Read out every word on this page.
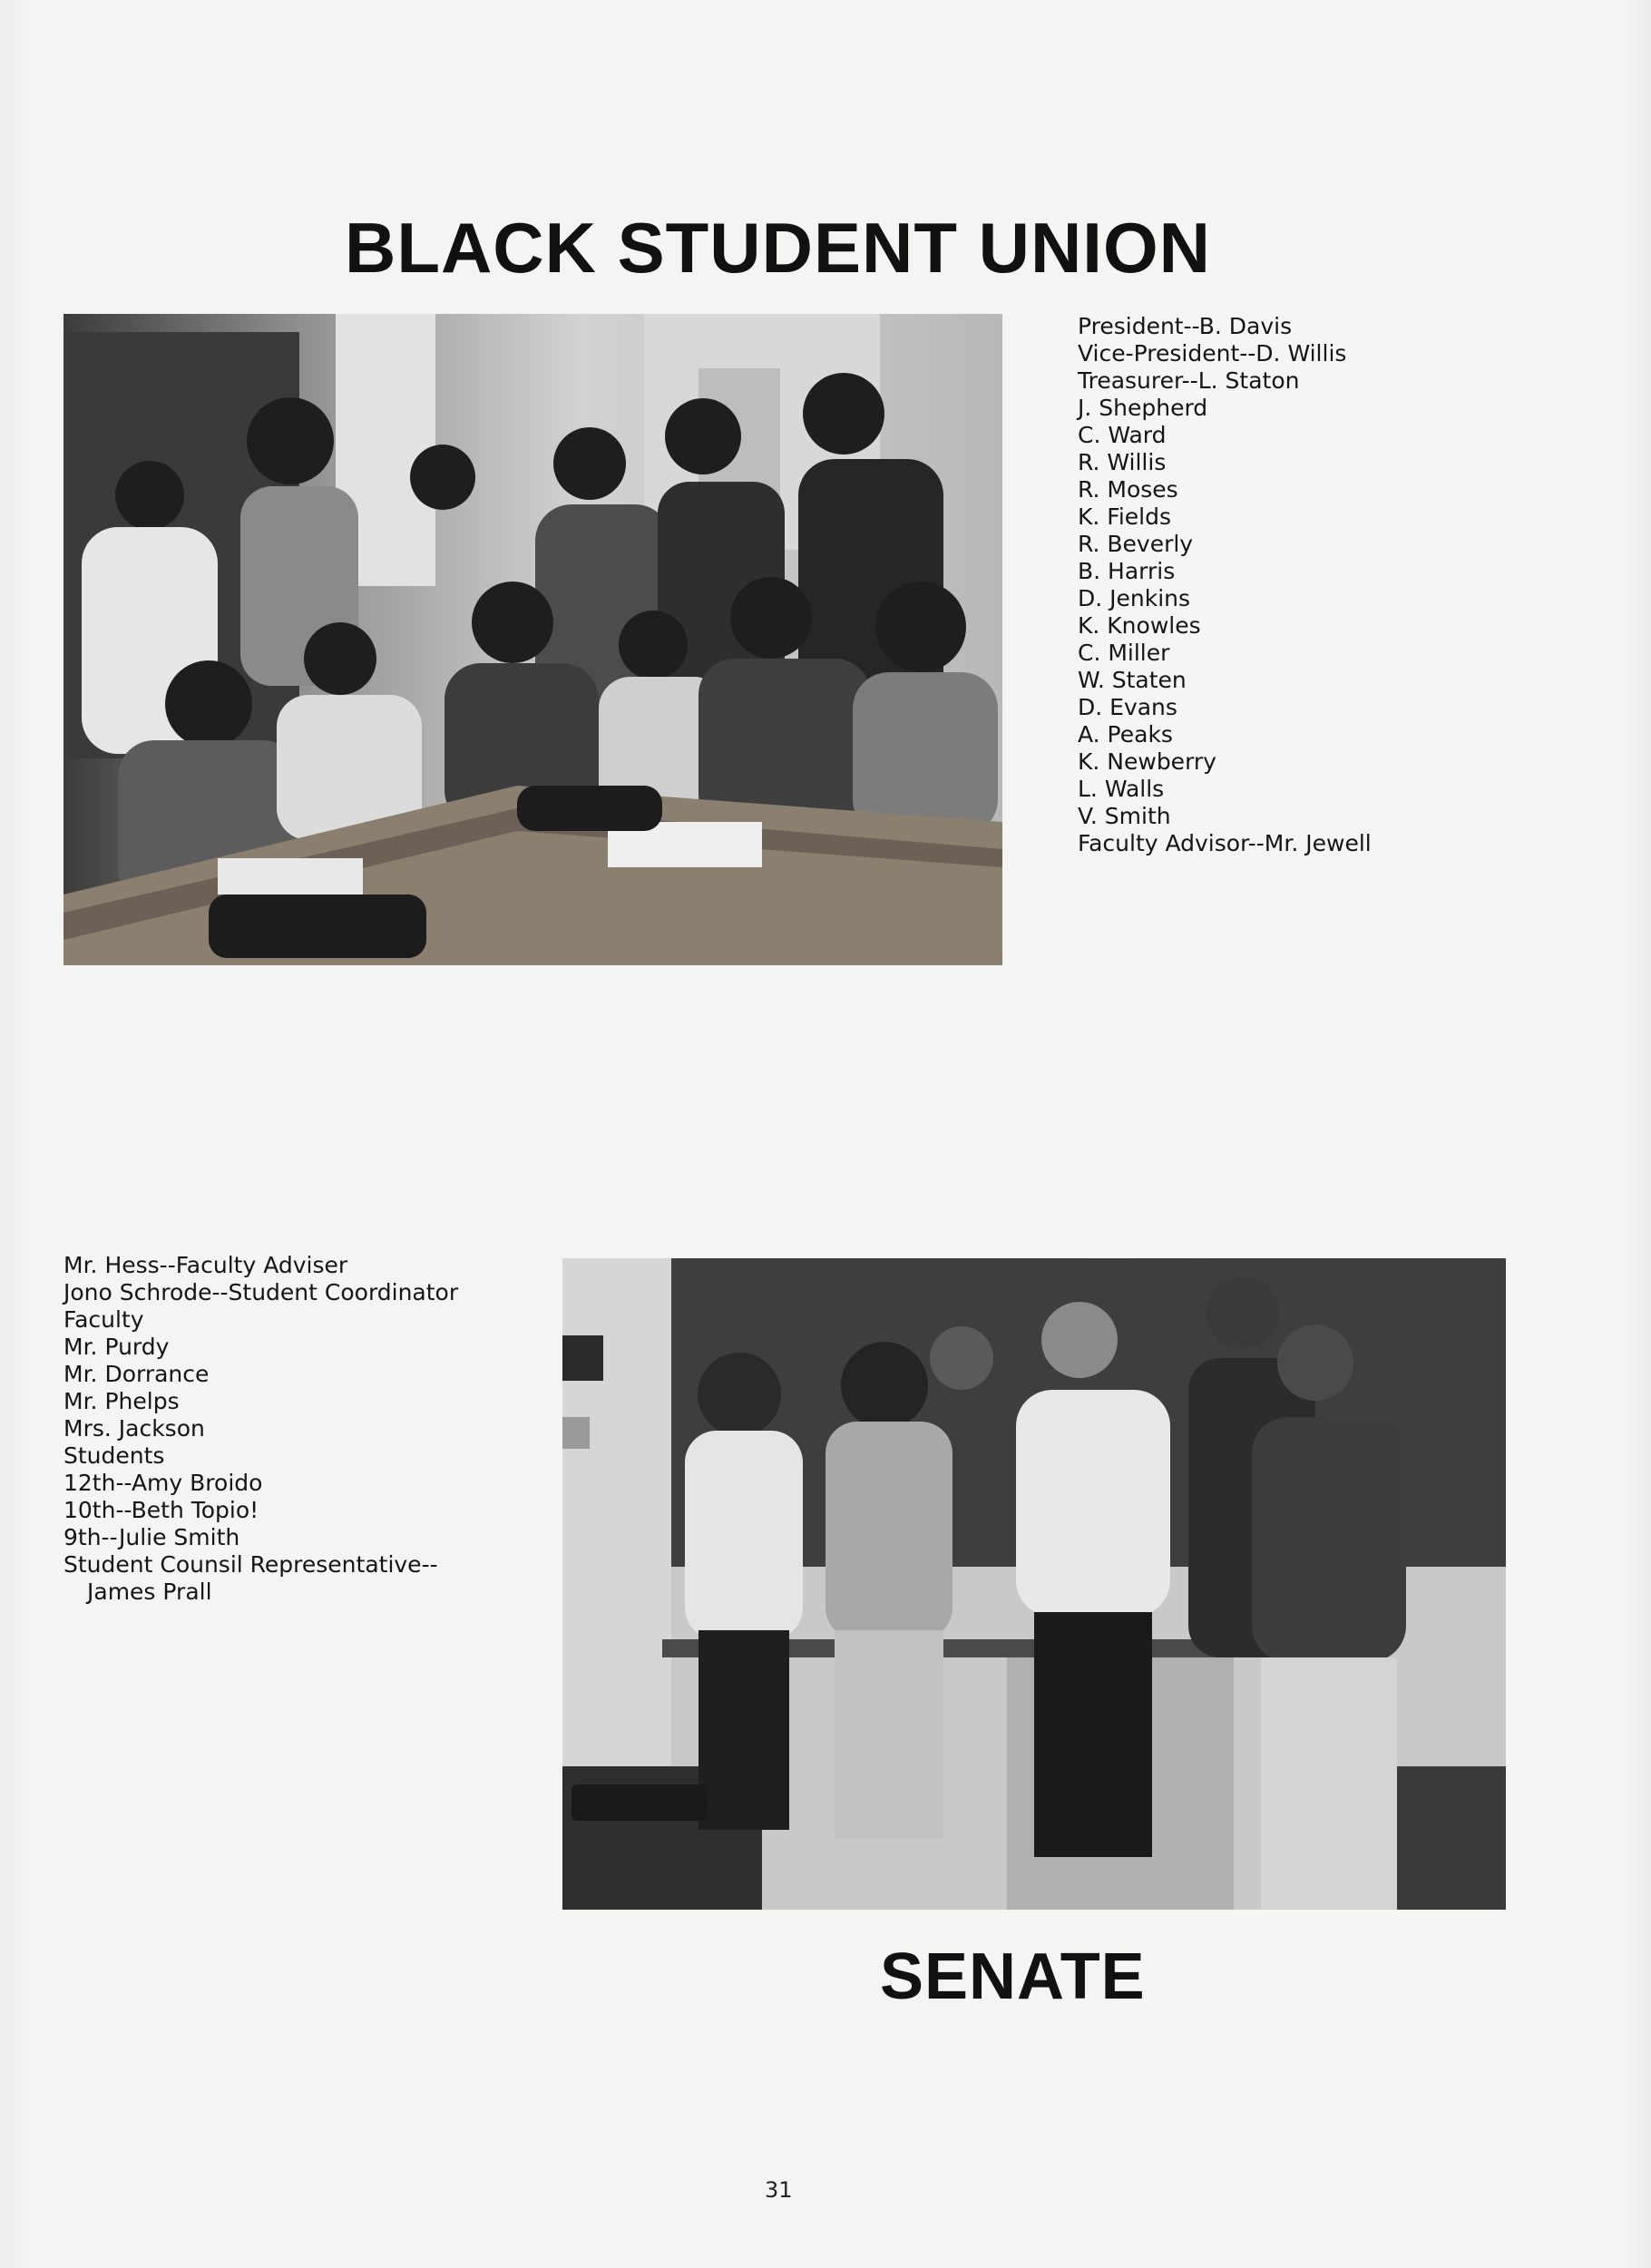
BLACK STUDENT UNION
President--B. Davis
Vice-President--D. Willis
Treasurer--L. Staton
J. Shepherd
C. Ward
R. Willis
R. Moses
K. Fields
R. Beverly
B. Harris
D. Jenkins
K. Knowles
C. Miller
W. Staten
D. Evans
A. Peaks
K. Newberry
L. Walls
V. Smith
Faculty Advisor--Mr. Jewell
Mr. Hess--Faculty Adviser
Jono Schrode--Student Coordinator
Faculty
Mr. Purdy
Mr. Dorrance
Mr. Phelps
Mrs. Jackson
Students
12th--Amy Broido
10th--Beth Topio!
9th--Julie Smith
Student Counsil Representative--
James Prall
SENATE
31
